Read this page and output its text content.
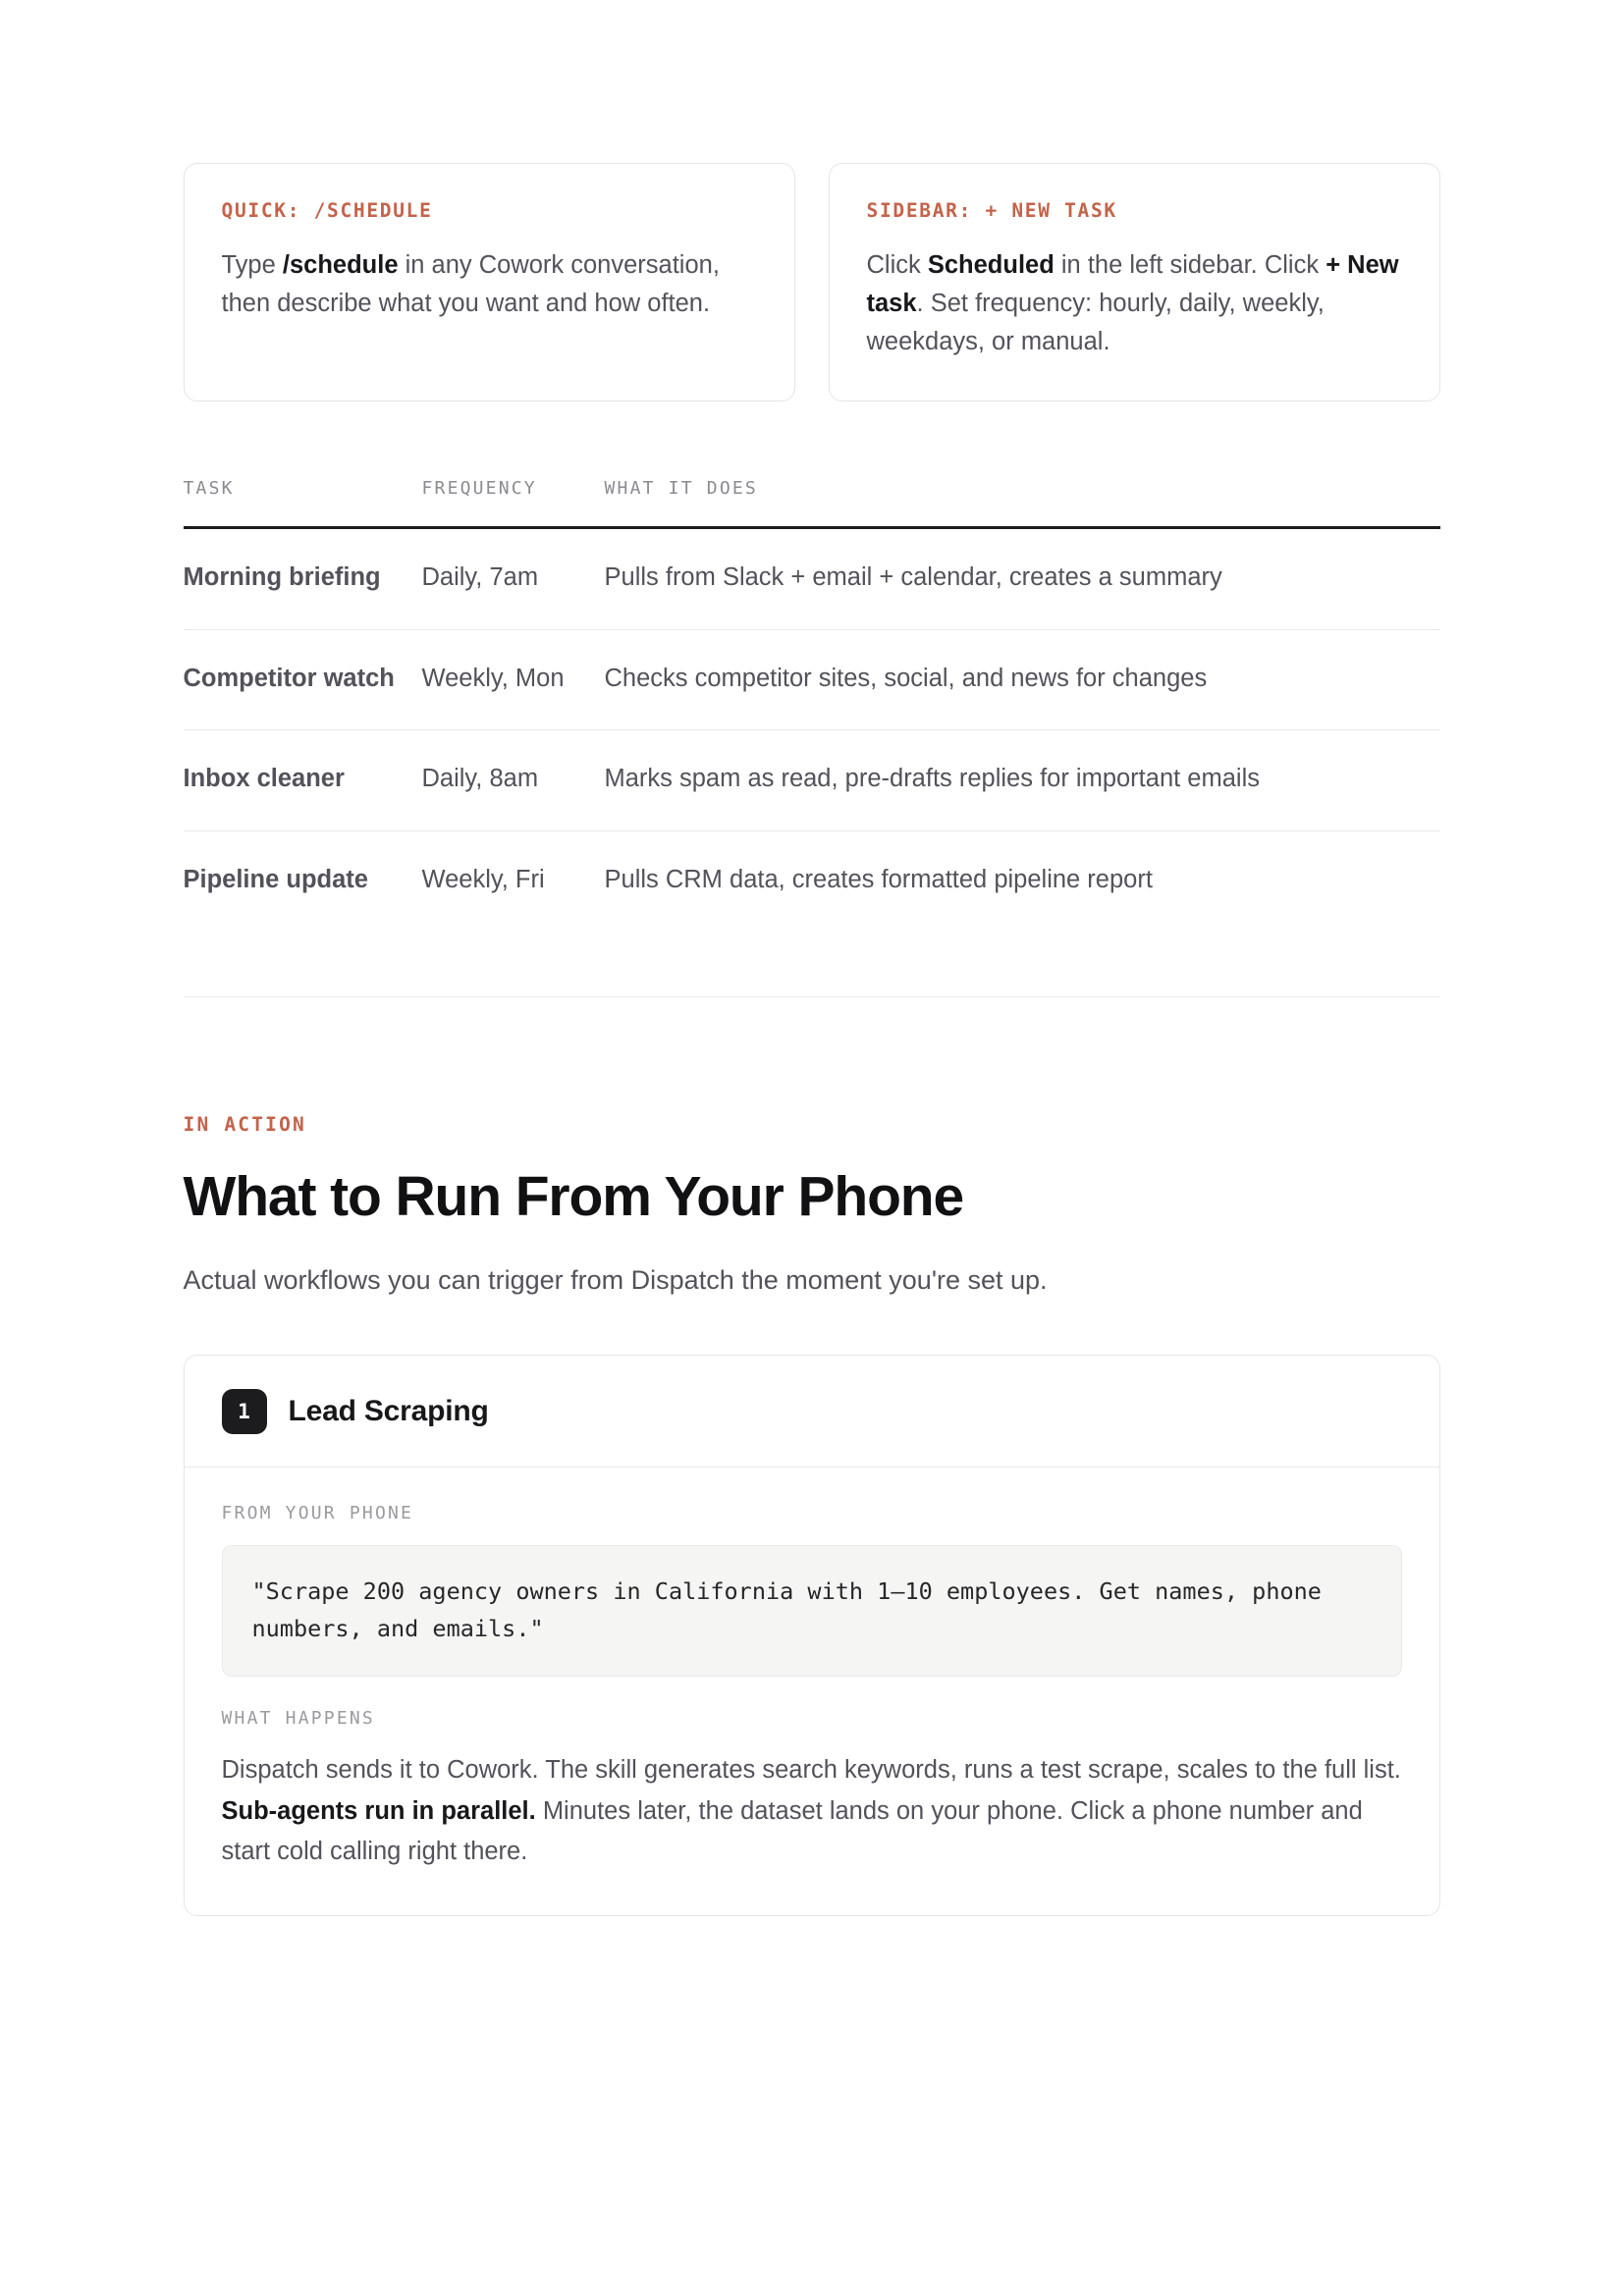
QUICK: /SCHEDULE
Type /schedule in any Cowork conversation, then describe what you want and how often.
SIDEBAR: + NEW TASK
Click Scheduled in the left sidebar. Click + New task. Set frequency: hourly, daily, weekly, weekdays, or manual.
TASK	FREQUENCY	WHAT IT DOES
Morning briefing	Daily, 7am	Pulls from Slack + email + calendar, creates a summary
Competitor watch	Weekly, Mon	Checks competitor sites, social, and news for changes
Inbox cleaner	Daily, 8am	Marks spam as read, pre-drafts replies for important emails
Pipeline update	Weekly, Fri	Pulls CRM data, creates formatted pipeline report
IN ACTION
What to Run From Your Phone

Actual workflows you can trigger from Dispatch the moment you're set up.

1	Lead Scraping
FROM YOUR PHONE
"Scrape 200 agency owners in California with 1–10 employees. Get names, phone numbers, and emails."
WHAT HAPPENS

Dispatch sends it to Cowork. The skill generates search keywords, runs a test scrape, scales to the full list. Sub-agents run in parallel. Minutes later, the dataset lands on your phone. Click a phone number and start cold calling right there.
